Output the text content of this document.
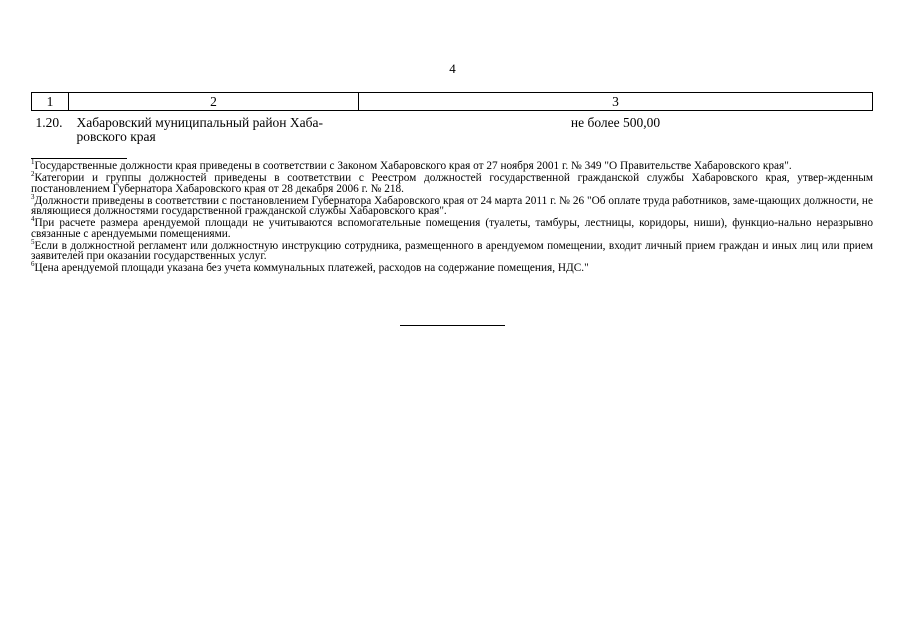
4
1	2	3
1.20.	Хабаровский муниципальный район Хаба-ровского края	не более 500,00

$^1$Государственные должности края приведены в соответствии с Законом Хабаровского края от 27 ноября 2001 г. № 349 "О Правительстве Хабаровского края".

$^2$Категории и группы должностей приведены в соответствии с Реестром должностей государственной гражданской службы Хабаровского края, утвер-жденным постановлением Губернатора Хабаровского края от 28 декабря 2006 г. № 218.

$^3$Должности приведены в соответствии с постановлением Губернатора Хабаровского края от 24 марта 2011 г. № 26 "Об оплате труда работников, заме-щающих должности, не являющиеся должностями государственной гражданской службы Хабаровского края".

$^4$При расчете размера арендуемой площади не учитываются вспомогательные помещения (туалеты, тамбуры, лестницы, коридоры, ниши), функцио-нально неразрывно связанные с арендуемыми помещениями.

$^5$Если в должностной регламент или должностную инструкцию сотрудника, размещенного в арендуемом помещении, входит личный прием граждан и иных лиц или прием заявителей при оказании государственных услуг.

$^6$Цена арендуемой площади указана без учета коммунальных платежей, расходов на содержание помещения, НДС."
